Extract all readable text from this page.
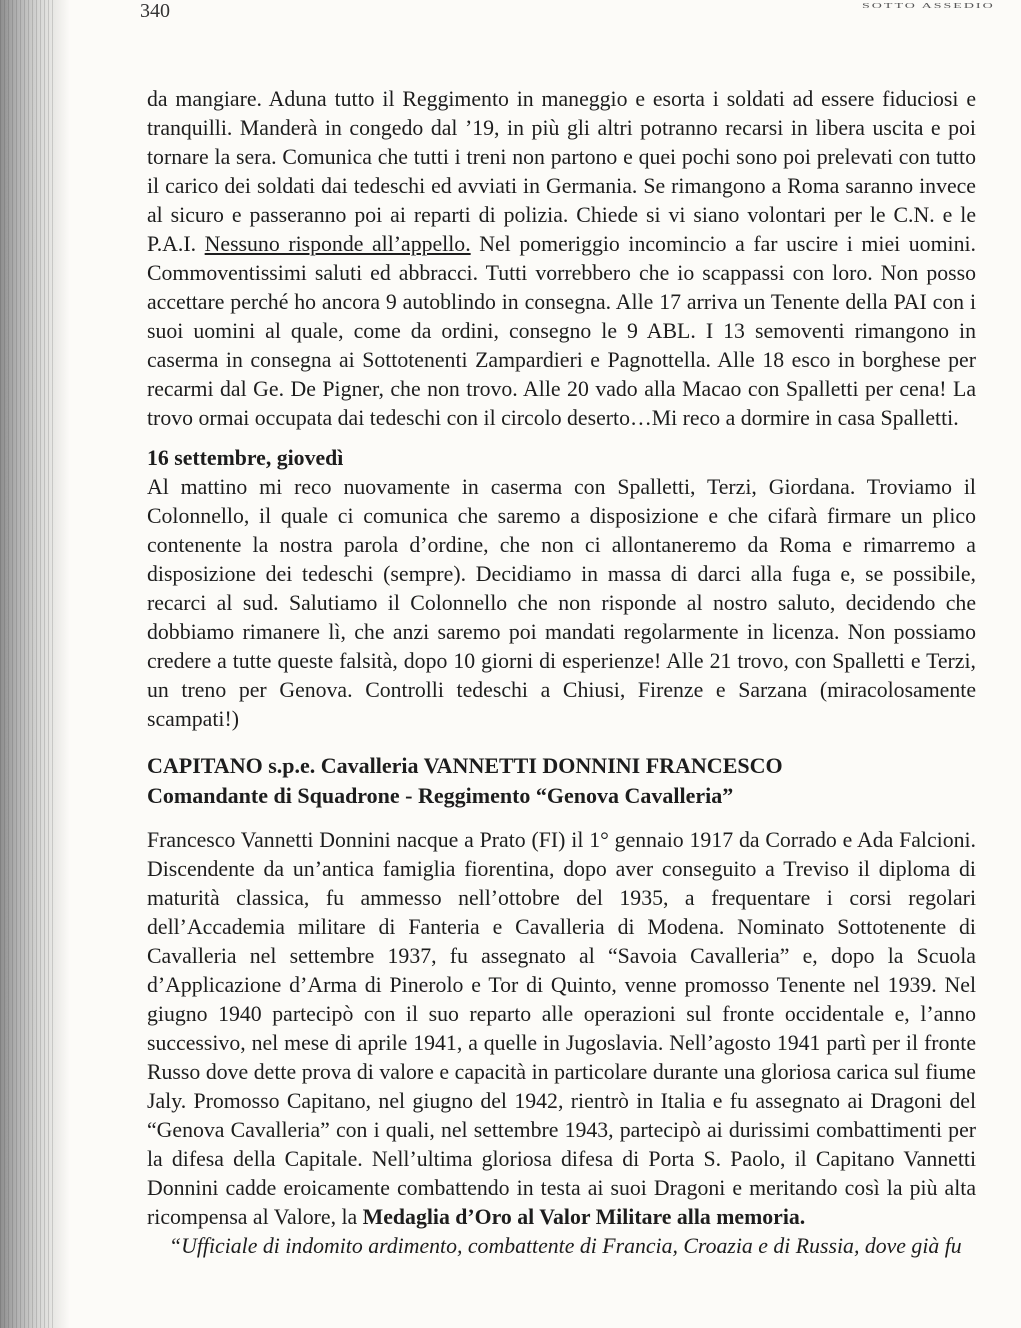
340	SOTTO ASSEDIO

da mangiare. Aduna tutto il Reggimento in maneggio e esorta i soldati ad essere fiduciosi e tranquilli. Manderà in congedo dal ’19, in più gli altri potranno recarsi in libera uscita e poi tornare la sera. Comunica che tutti i treni non partono e quei pochi sono poi prelevati con tutto il carico dei soldati dai tedeschi ed avviati in Germania. Se rimangono a Roma saranno invece al sicuro e passeranno poi ai reparti di polizia. Chiede si vi siano volontari per le C.N. e le P.A.I. Nessuno risponde all’appello. Nel pomeriggio incomincio a far uscire i miei uomini. Commoventissimi saluti ed abbracci. Tutti vorrebbero che io scappassi con loro. Non posso accettare perché ho ancora 9 autoblindo in consegna. Alle 17 arriva un Tenente della PAI con i suoi uomini al quale, come da ordini, consegno le 9 ABL. I 13 semoventi rimangono in caserma in consegna ai Sottotenenti Zampardieri e Pagnottella. Alle 18 esco in borghese per recarmi dal Ge. De Pigner, che non trovo. Alle 20 vado alla Macao con Spalletti per cena! La trovo ormai occupata dai tedeschi con il circolo deserto…Mi reco a dormire in casa Spalletti.

16 settembre, giovedì

Al mattino mi reco nuovamente in caserma con Spalletti, Terzi, Giordana. Troviamo il Colonnello, il quale ci comunica che saremo a disposizione e che cifarà firmare un plico contenente la nostra parola d’ordine, che non ci allontaneremo da Roma e rimarremo a disposizione dei tedeschi (sempre). Decidiamo in massa di darci alla fuga e, se possibile, recarci al sud. Salutiamo il Colonnello che non risponde al nostro saluto, decidendo che dobbiamo rimanere lì, che anzi saremo poi mandati regolarmente in licenza. Non possiamo credere a tutte queste falsità, dopo 10 giorni di esperienze! Alle 21 trovo, con Spalletti e Terzi, un treno per Genova. Controlli tedeschi a Chiusi, Firenze e Sarzana (miracolosamente scampati!)

CAPITANO s.p.e. Cavalleria VANNETTI DONNINI FRANCESCO

Comandante di Squadrone - Reggimento “Genova Cavalleria”

Francesco Vannetti Donnini nacque a Prato (FI) il 1° gennaio 1917 da Corrado e Ada Falcioni. Discendente da un’antica famiglia fiorentina, dopo aver conseguito a Treviso il diploma di maturità classica, fu ammesso nell’ottobre del 1935, a frequentare i corsi regolari dell’Accademia militare di Fanteria e Cavalleria di Modena. Nominato Sottotenente di Cavalleria nel settembre 1937, fu assegnato al “Savoia Cavalleria” e, dopo la Scuola d’Applicazione d’Arma di Pinerolo e Tor di Quinto, venne promosso Tenente nel 1939. Nel giugno 1940 partecipò con il suo reparto alle operazioni sul fronte occidentale e, l’anno successivo, nel mese di aprile 1941, a quelle in Jugoslavia. Nell’agosto 1941 partì per il fronte Russo dove dette prova di valore e capacità in particolare durante una gloriosa carica sul fiume Jaly. Promosso Capitano, nel giugno del 1942, rientrò in Italia e fu assegnato ai Dragoni del “Genova Cavalleria” con i quali, nel settembre 1943, partecipò ai durissimi combattimenti per la difesa della Capitale. Nell’ultima gloriosa difesa di Porta S. Paolo, il Capitano Vannetti Donnini cadde eroicamente combattendo in testa ai suoi Dragoni e meritando così la più alta ricompensa al Valore, la Medaglia d’Oro al Valor Militare alla memoria.

“Ufficiale di indomito ardimento, combattente di Francia, Croazia e di Russia, dove già fu
